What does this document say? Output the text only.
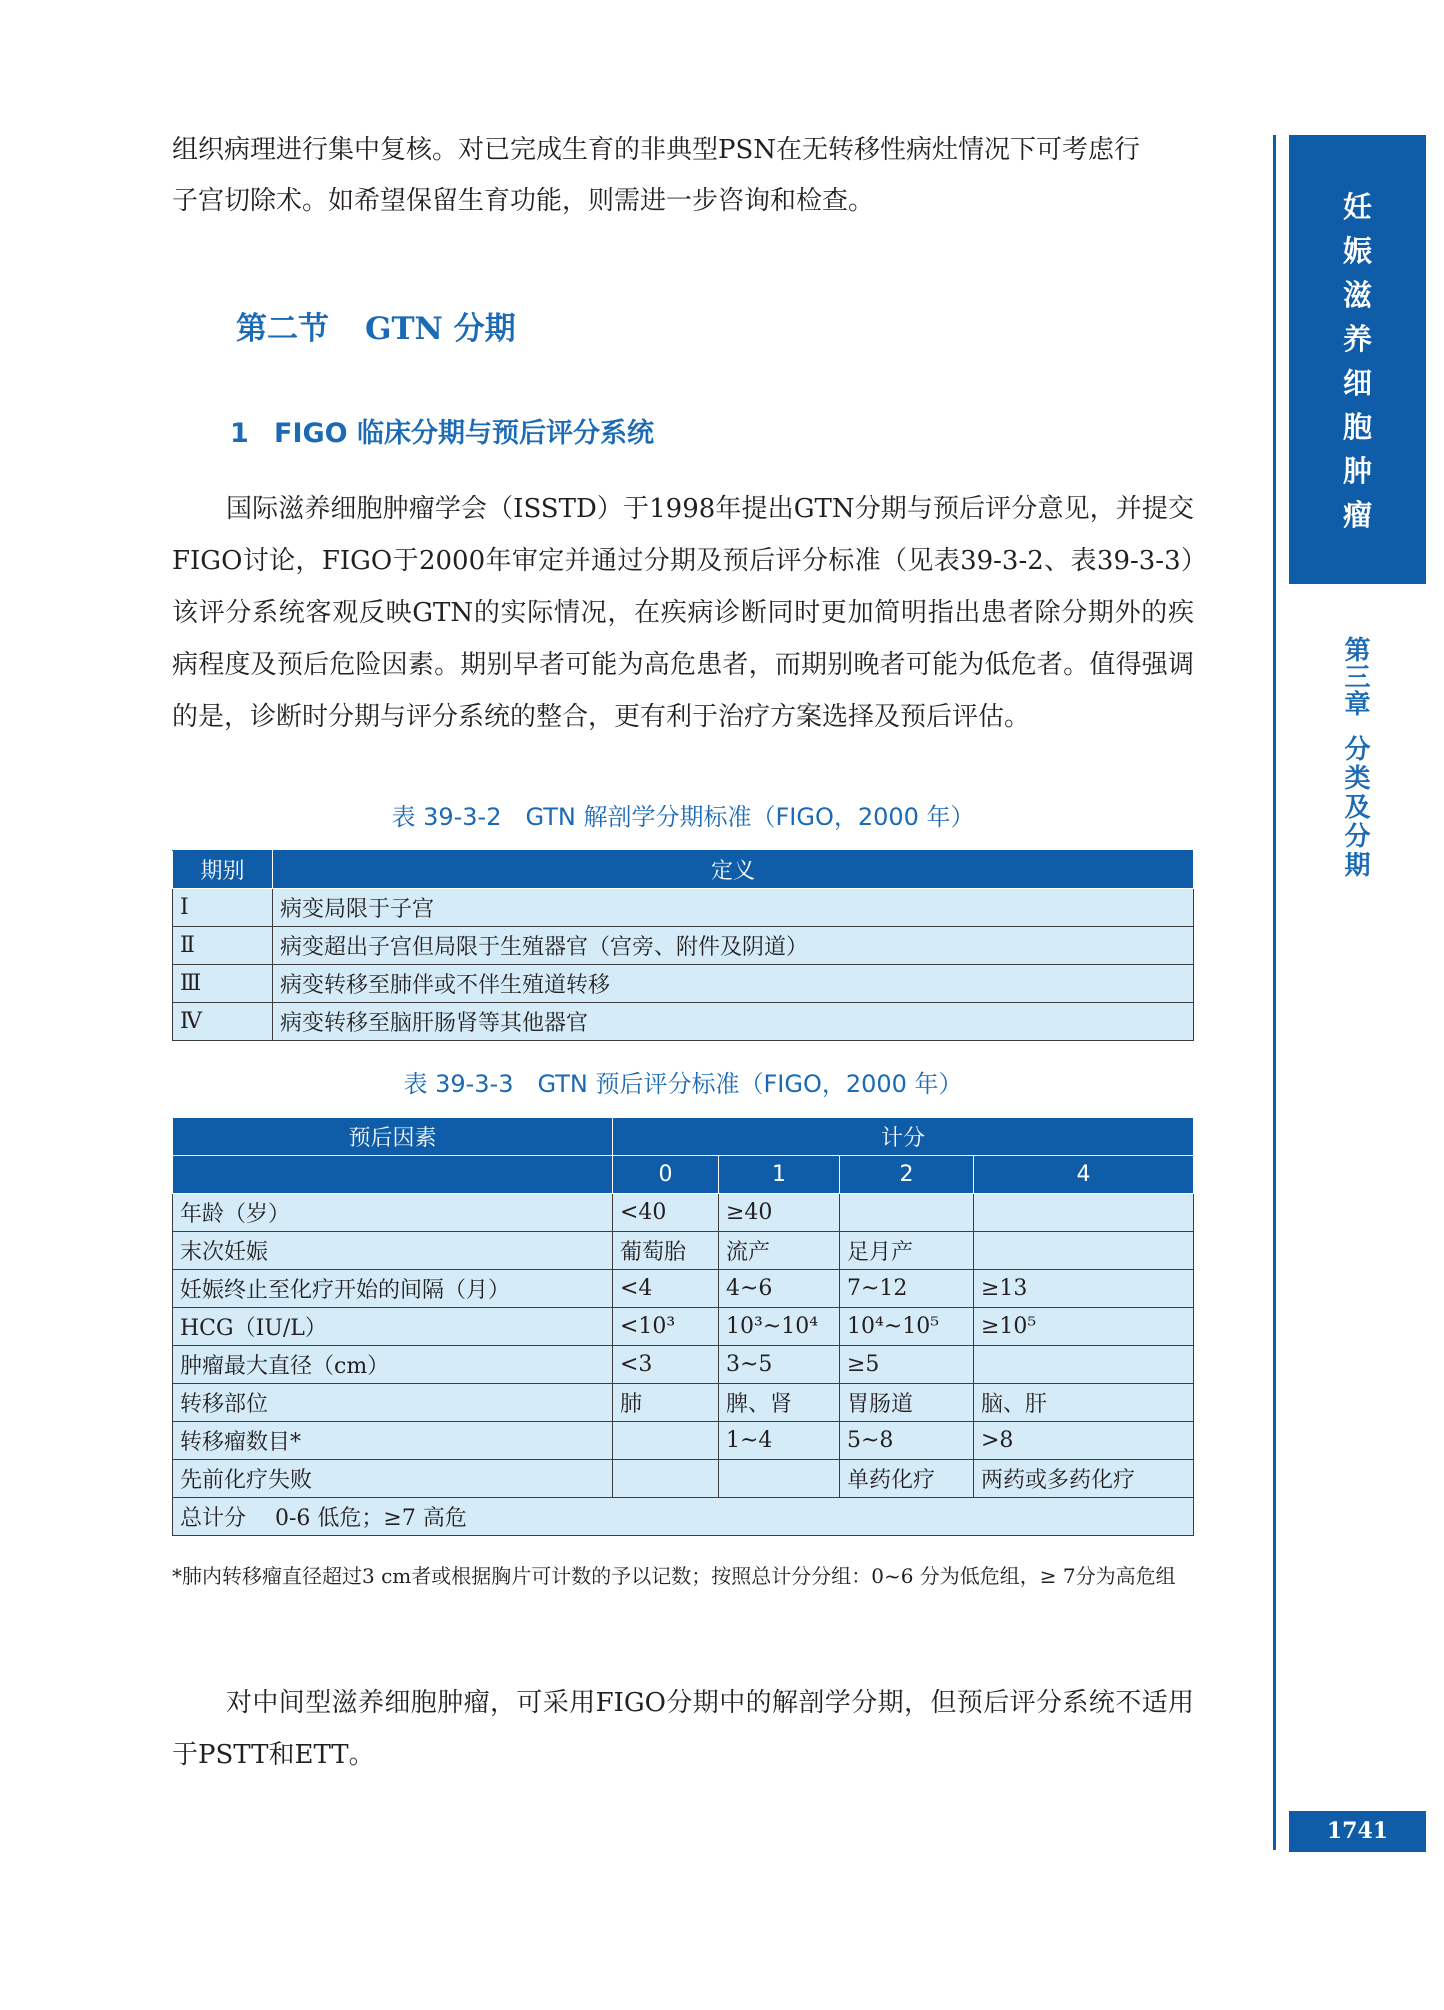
组织病理进行集中复核。对已完成生育的非典型PSN在无转移性病灶情况下可考虑行

子宫切除术。如希望保留生育功能，则需进一步咨询和检查。

第二节 GTN 分期
1 FIGO 临床分期与预后评分系统

国际滋养细胞肿瘤学会（ISSTD）于1998年提出GTN分期与预后评分意见，并提交FIGO讨论，FIGO于2000年审定并通过分期及预后评分标准（见表39-3-2、表39-3-3）该评分系统客观反映GTN的实际情况，在疾病诊断同时更加简明指出患者除分期外的疾病程度及预后危险因素。期别早者可能为高危患者，而期别晚者可能为低危者。值得强调的是，诊断时分期与评分系统的整合，更有利于治疗方案选择及预后评估。

表 39-3-2　GTN 解剖学分期标准（FIGO，2000 年）

期别	定义
Ⅰ	病变局限于子宫
Ⅱ	病变超出子宫但局限于生殖器官（宫旁、附件及阴道）
Ⅲ	病变转移至肺伴或不伴生殖道转移
Ⅳ	病变转移至脑肝肠肾等其他器官

表 39-3-3　GTN 预后评分标准（FIGO，2000 年）

预后因素	计分			
	0	1	2	4
年龄（岁）	<40	≥40		
末次妊娠	葡萄胎	流产	足月产	
妊娠终止至化疗开始的间隔（月）	<4	4~6	7~12	≥13
HCG（IU/L）	<10³	10³~10⁴	10⁴~10⁵	≥10⁵
肿瘤最大直径（cm）	<3	3~5	≥5	
转移部位	肺	脾、肾	胃肠道	脑、肝
转移瘤数目*		1~4	5~8	>8
先前化疗失败			单药化疗	两药或多药化疗
总计分　 0-6 低危；≥7 高危				

*肺内转移瘤直径超过3 cm者或根据胸片可计数的予以记数；按照总计分分组：0~6 分为低危组，≥ 7分为高危组

对中间型滋养细胞肿瘤，可采用FIGO分期中的解剖学分期，但预后评分系统不适用于PSTT和ETT。

妊
娠
滋
养
细
胞
肿
瘤
第
三
章
分
类
及
分
期
1741
